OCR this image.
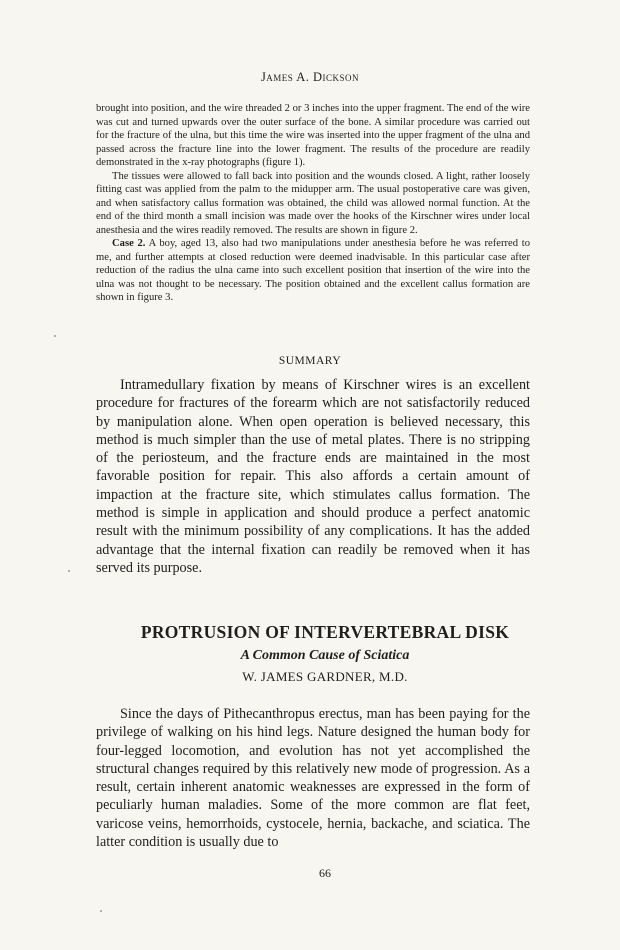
James A. Dickson

brought into position, and the wire threaded 2 or 3 inches into the upper fragment. The end of the wire was cut and turned upwards over the outer surface of the bone. A similar procedure was carried out for the fracture of the ulna, but this time the wire was inserted into the upper fragment of the ulna and passed across the fracture line into the lower fragment. The results of the procedure are readily demonstrated in the x-ray photographs (figure 1).

The tissues were allowed to fall back into position and the wounds closed. A light, rather loosely fitting cast was applied from the palm to the midupper arm. The usual postoperative care was given, and when satisfactory callus formation was obtained, the child was allowed normal function. At the end of the third month a small incision was made over the hooks of the Kirschner wires under local anesthesia and the wires readily removed. The results are shown in figure 2.

Case 2. A boy, aged 13, also had two manipulations under anesthesia before he was referred to me, and further attempts at closed reduction were deemed inadvisable. In this particular case after reduction of the radius the ulna came into such excellent position that insertion of the wire into the ulna was not thought to be necessary. The position obtained and the excellent callus formation are shown in figure 3.

SUMMARY

Intramedullary fixation by means of Kirschner wires is an excellent procedure for fractures of the forearm which are not satisfactorily reduced by manipulation alone. When open operation is believed necessary, this method is much simpler than the use of metal plates. There is no stripping of the periosteum, and the fracture ends are maintained in the most favorable position for repair. This also affords a certain amount of impaction at the fracture site, which stimulates callus formation. The method is simple in application and should produce a perfect anatomic result with the minimum possibility of any complications. It has the added advantage that the internal fixation can readily be removed when it has served its purpose.

PROTRUSION OF INTERVERTEBRAL DISK
A Common Cause of Sciatica
W. JAMES GARDNER, M.D.

Since the days of Pithecanthropus erectus, man has been paying for the privilege of walking on his hind legs. Nature designed the human body for four-legged locomotion, and evolution has not yet accomplished the structural changes required by this relatively new mode of progression. As a result, certain inherent anatomic weaknesses are expressed in the form of peculiarly human maladies. Some of the more common are flat feet, varicose veins, hemorrhoids, cystocele, hernia, backache, and sciatica. The latter condition is usually due to

66
